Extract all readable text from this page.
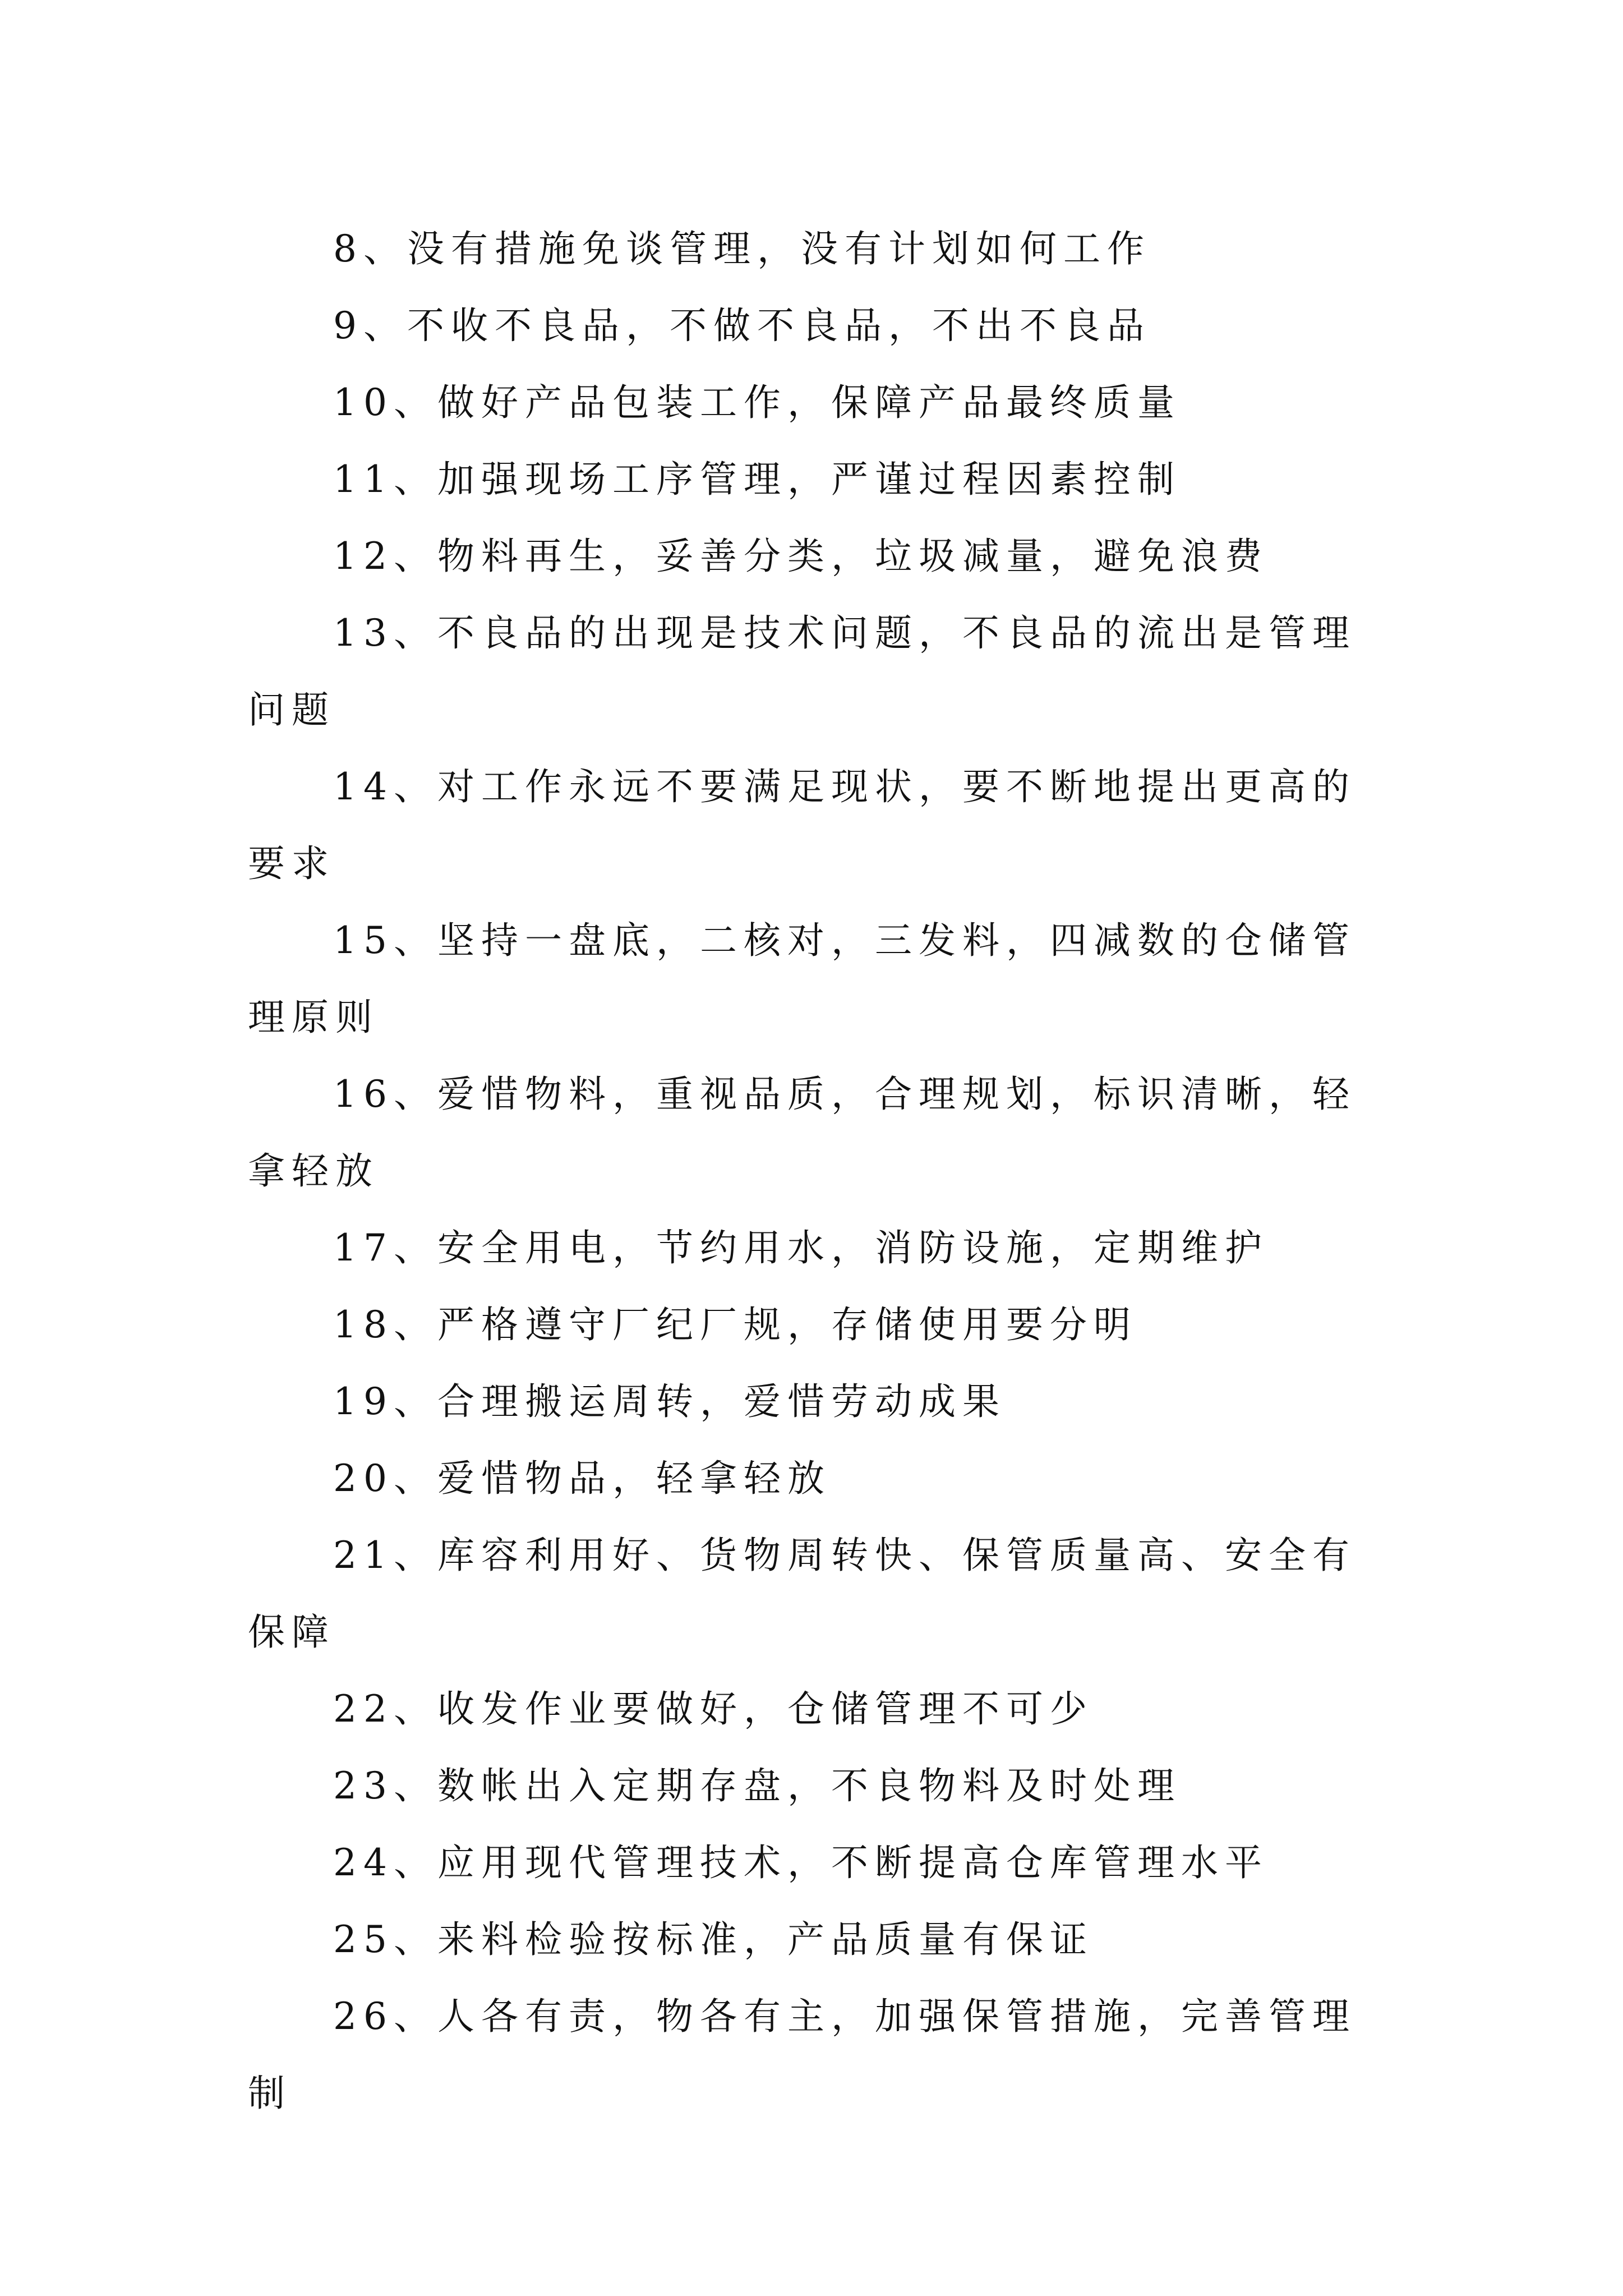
8、没有措施免谈管理，没有计划如何工作

9、不收不良品，不做不良品，不出不良品

10、做好产品包装工作，保障产品最终质量

11、加强现场工序管理，严谨过程因素控制

12、物料再生，妥善分类，垃圾减量，避免浪费

13、不良品的出现是技术问题，不良品的流出是管理问题

14、对工作永远不要满足现状，要不断地提出更高的要求

15、坚持一盘底，二核对，三发料，四减数的仓储管理原则

16、爱惜物料，重视品质，合理规划，标识清晰，轻拿轻放

17、安全用电，节约用水，消防设施，定期维护

18、严格遵守厂纪厂规，存储使用要分明

19、合理搬运周转，爱惜劳动成果

20、爱惜物品，轻拿轻放

21、库容利用好、货物周转快、保管质量高、安全有保障

22、收发作业要做好，仓储管理不可少

23、数帐出入定期存盘，不良物料及时处理

24、应用现代管理技术，不断提高仓库管理水平

25、来料检验按标准，产品质量有保证

26、人各有责，物各有主，加强保管措施，完善管理制
